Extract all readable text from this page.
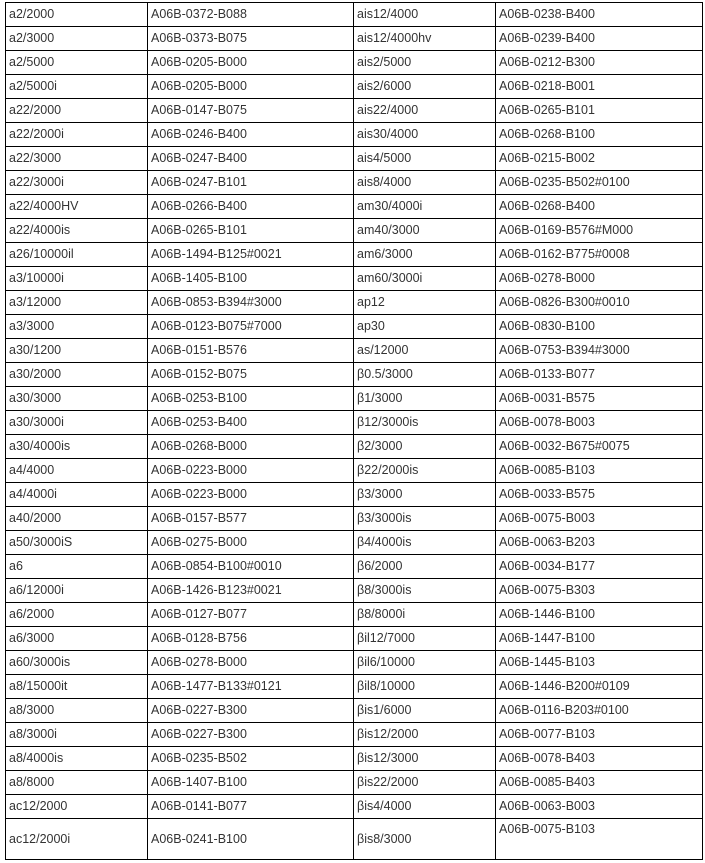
a2/2000	A06B-0372-B088	ais12/4000	A06B-0238-B400
a2/3000	A06B-0373-B075	ais12/4000hv	A06B-0239-B400
a2/5000	A06B-0205-B000	ais2/5000	A06B-0212-B300
a2/5000i	A06B-0205-B000	ais2/6000	A06B-0218-B001
a22/2000	A06B-0147-B075	ais22/4000	A06B-0265-B101
a22/2000i	A06B-0246-B400	ais30/4000	A06B-0268-B100
a22/3000	A06B-0247-B400	ais4/5000	A06B-0215-B002
a22/3000i	A06B-0247-B101	ais8/4000	A06B-0235-B502#0100
a22/4000HV	A06B-0266-B400	am30/4000i	A06B-0268-B400
a22/4000is	A06B-0265-B101	am40/3000	A06B-0169-B576#M000
a26/10000il	A06B-1494-B125#0021	am6/3000	A06B-0162-B775#0008
a3/10000i	A06B-1405-B100	am60/3000i	A06B-0278-B000
a3/12000	A06B-0853-B394#3000	ap12	A06B-0826-B300#0010
a3/3000	A06B-0123-B075#7000	ap30	A06B-0830-B100
a30/1200	A06B-0151-B576	as/12000	A06B-0753-B394#3000
a30/2000	A06B-0152-B075	β0.5/3000	A06B-0133-B077
a30/3000	A06B-0253-B100	β1/3000	A06B-0031-B575
a30/3000i	A06B-0253-B400	β12/3000is	A06B-0078-B003
a30/4000is	A06B-0268-B000	β2/3000	A06B-0032-B675#0075
a4/4000	A06B-0223-B000	β22/2000is	A06B-0085-B103
a4/4000i	A06B-0223-B000	β3/3000	A06B-0033-B575
a40/2000	A06B-0157-B577	β3/3000is	A06B-0075-B003
a50/3000iS	A06B-0275-B000	β4/4000is	A06B-0063-B203
a6	A06B-0854-B100#0010	β6/2000	A06B-0034-B177
a6/12000i	A06B-1426-B123#0021	β8/3000is	A06B-0075-B303
a6/2000	A06B-0127-B077	β8/8000i	A06B-1446-B100
a6/3000	A06B-0128-B756	βil12/7000	A06B-1447-B100
a60/3000is	A06B-0278-B000	βil6/10000	A06B-1445-B103
a8/15000it	A06B-1477-B133#0121	βil8/10000	A06B-1446-B200#0109
a8/3000	A06B-0227-B300	βis1/6000	A06B-0116-B203#0100
a8/3000i	A06B-0227-B300	βis12/2000	A06B-0077-B103
a8/4000is	A06B-0235-B502	βis12/3000	A06B-0078-B403
a8/8000	A06B-1407-B100	βis22/2000	A06B-0085-B403
ac12/2000	A06B-0141-B077	βis4/4000	A06B-0063-B003
ac12/2000i	A06B-0241-B100	βis8/3000	A06B-0075-B103
